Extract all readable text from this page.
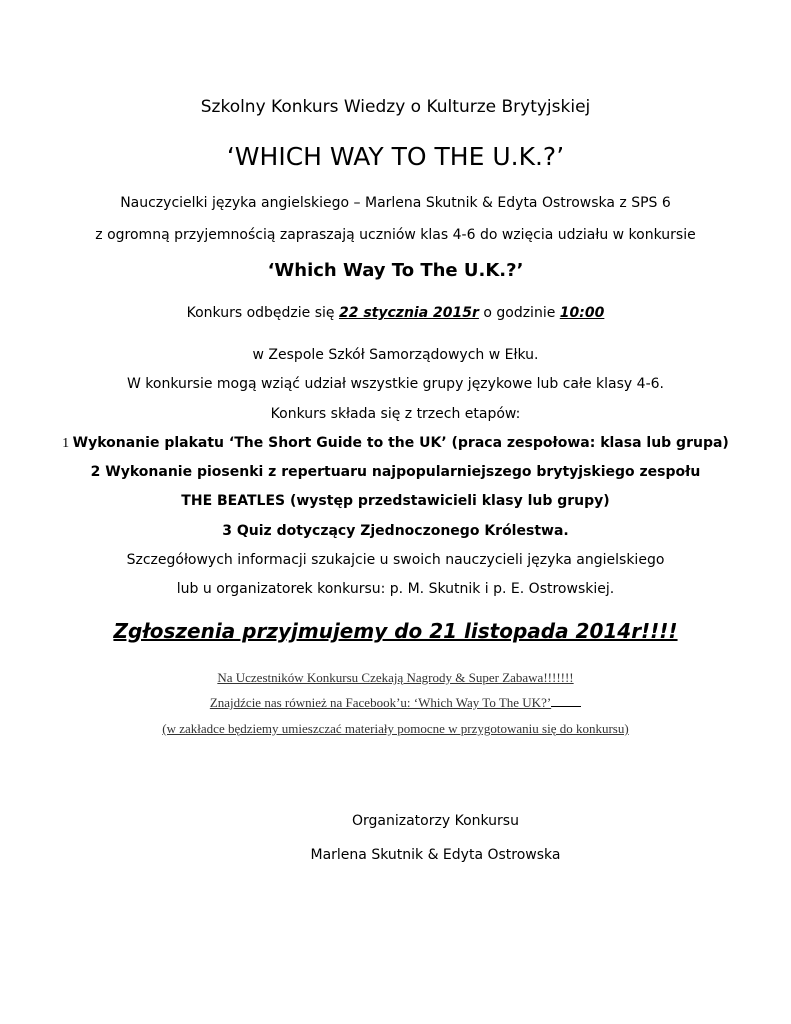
Szkolny Konkurs Wiedzy o Kulturze Brytyjskiej
‘WHICH WAY TO THE U.K.?’
Nauczycielki języka angielskiego – Marlena Skutnik & Edyta Ostrowska z SPS 6
z ogromną przyjemnością zapraszają uczniów klas 4-6 do wzięcia udziału w konkursie
‘Which Way To The U.K.?’
Konkurs odbędzie się 22 stycznia 2015r o godzinie 10:00
w Zespole Szkół Samorządowych w Ełku.
W konkursie mogą wziąć udział wszystkie grupy językowe lub całe klasy 4-6.
Konkurs składa się z trzech etapów:
1 Wykonanie plakatu ‘The Short Guide to the UK’ (praca zespołowa: klasa lub grupa)
2 Wykonanie piosenki z repertuaru najpopularniejszego brytyjskiego zespołu
THE BEATLES (występ przedstawicieli klasy lub grupy)
3 Quiz dotyczący Zjednoczonego Królestwa.
Szczegółowych informacji szukajcie u swoich nauczycieli języka angielskiego
lub u organizatorek konkursu: p. M. Skutnik i p. E. Ostrowskiej.
Zgłoszenia przyjmujemy do 21 listopada 2014r!!!!
Na Uczestników Konkursu Czekają Nagrody & Super Zabawa!!!!!!!
Znajdźcie nas również na Facebook’u: ‘Which Way To The UK?’
(w zakładce będziemy umieszczać materiały pomocne w przygotowaniu się do konkursu)
Organizatorzy Konkursu
Marlena Skutnik & Edyta Ostrowska
